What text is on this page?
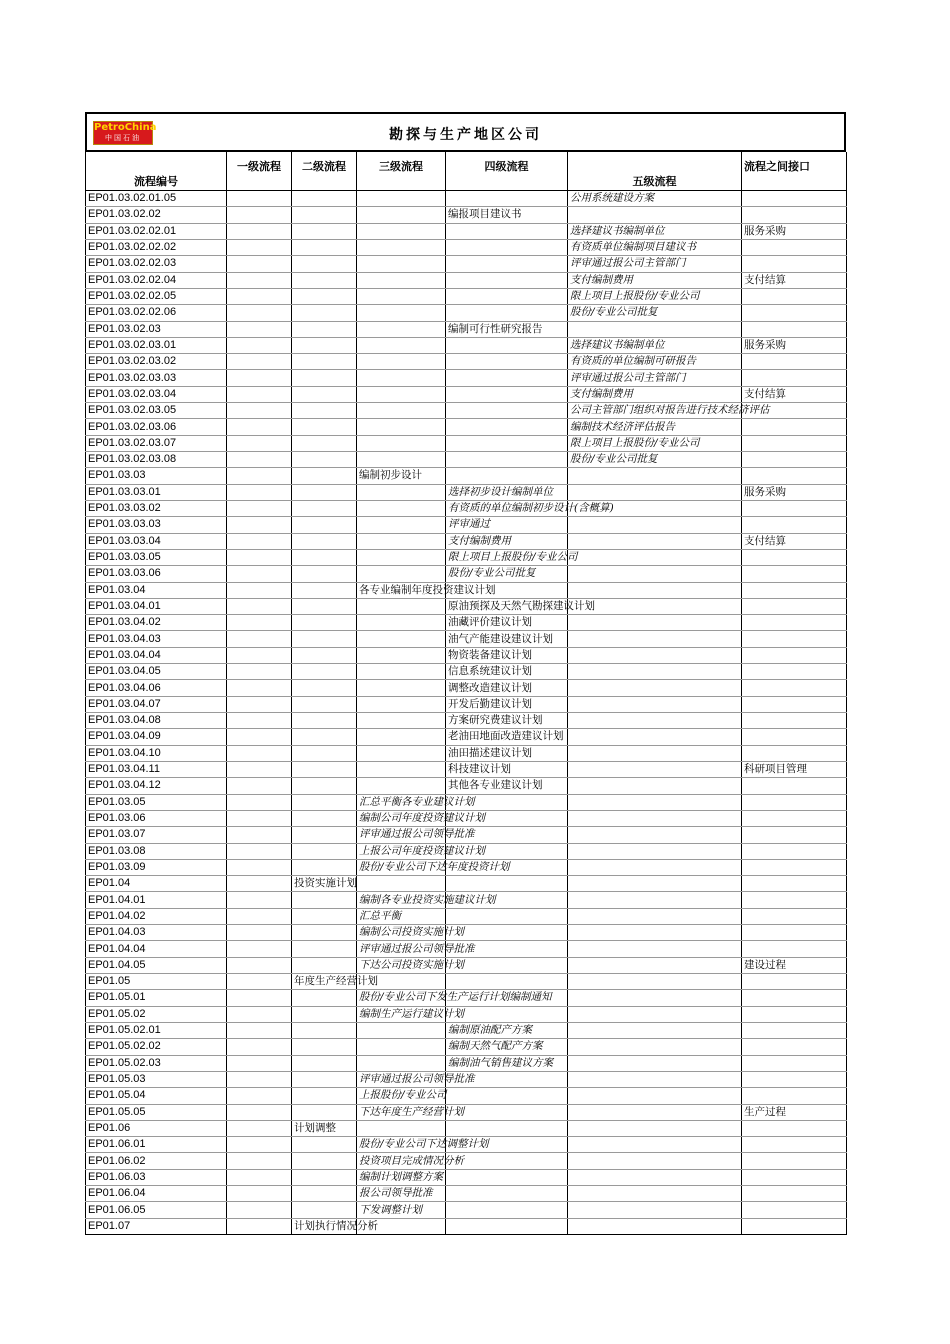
PetroChina
中国石油	勘探与生产地区公司
流程编号	一级流程	二级流程	三级流程	四级流程	五级流程	流程之间接口
EP01.03.02.01.05					公用系统建设方案	
EP01.03.02.02				编报项目建议书		
EP01.03.02.02.01					选择建议书编制单位	服务采购
EP01.03.02.02.02					有资质单位编制项目建议书	
EP01.03.02.02.03					评审通过报公司主管部门	
EP01.03.02.02.04					支付编制费用	支付结算
EP01.03.02.02.05					限上项目上报股份/专业公司	
EP01.03.02.02.06					股份/专业公司批复	
EP01.03.02.03				编制可行性研究报告		
EP01.03.02.03.01					选择建议书编制单位	服务采购
EP01.03.02.03.02					有资质的单位编制可研报告	
EP01.03.02.03.03					评审通过报公司主管部门	
EP01.03.02.03.04					支付编制费用	支付结算
EP01.03.02.03.05					公司主管部门组织对报告进行技术经济评估	
EP01.03.02.03.06					编制技术经济评估报告	
EP01.03.02.03.07					限上项目上报股份/专业公司	
EP01.03.02.03.08					股份/专业公司批复	
EP01.03.03			编制初步设计			
EP01.03.03.01				选择初步设计编制单位		服务采购
EP01.03.03.02				有资质的单位编制初步设计(含概算)		
EP01.03.03.03				评审通过		
EP01.03.03.04				支付编制费用		支付结算
EP01.03.03.05				限上项目上报股份/专业公司		
EP01.03.03.06				股份/专业公司批复		
EP01.03.04			各专业编制年度投资建议计划			
EP01.03.04.01				原油预探及天然气勘探建议计划		
EP01.03.04.02				油藏评价建议计划		
EP01.03.04.03				油气产能建设建议计划		
EP01.03.04.04				物资装备建议计划		
EP01.03.04.05				信息系统建议计划		
EP01.03.04.06				调整改造建议计划		
EP01.03.04.07				开发后勤建议计划		
EP01.03.04.08				方案研究费建议计划		
EP01.03.04.09				老油田地面改造建议计划		
EP01.03.04.10				油田描述建议计划		
EP01.03.04.11				科技建议计划		科研项目管理
EP01.03.04.12				其他各专业建议计划		
EP01.03.05			汇总平衡各专业建议计划			
EP01.03.06			编制公司年度投资建议计划			
EP01.03.07			评审通过报公司领导批准			
EP01.03.08			上报公司年度投资建议计划			
EP01.03.09			股份/专业公司下达年度投资计划			
EP01.04		投资实施计划				
EP01.04.01			编制各专业投资实施建议计划			
EP01.04.02			汇总平衡			
EP01.04.03			编制公司投资实施计划			
EP01.04.04			评审通过报公司领导批准			
EP01.04.05			下达公司投资实施计划			建设过程
EP01.05		年度生产经营计划				
EP01.05.01			股份/专业公司下发生产运行计划编制通知			
EP01.05.02			编制生产运行建议计划			
EP01.05.02.01				编制原油配产方案		
EP01.05.02.02				编制天然气配产方案		
EP01.05.02.03				编制油气销售建议方案		
EP01.05.03			评审通过报公司领导批准			
EP01.05.04			上报股份/专业公司			
EP01.05.05			下达年度生产经营计划			生产过程
EP01.06		计划调整				
EP01.06.01			股份/专业公司下达调整计划			
EP01.06.02			投资项目完成情况分析			
EP01.06.03			编制计划调整方案			
EP01.06.04			报公司领导批准			
EP01.06.05			下发调整计划			
EP01.07		计划执行情况分析				
